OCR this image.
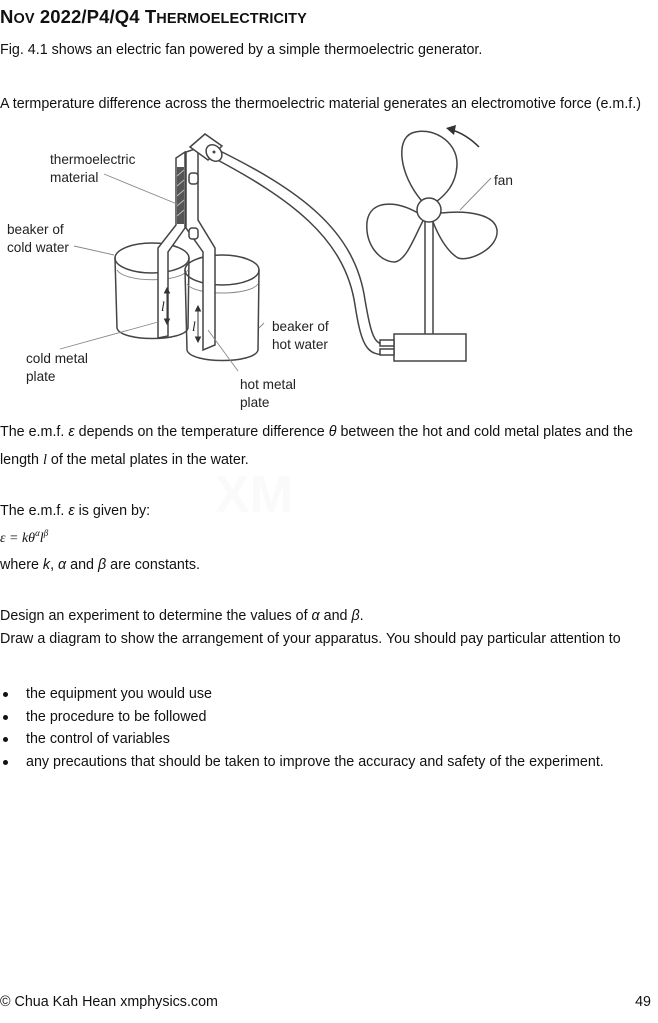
NOV 2022/P4/Q4 THERMOELECTRICITY
Fig. 4.1 shows an electric fan powered by a simple thermoelectric generator.
A termperature difference across the thermoelectric material generates an electromotive force (e.m.f.)
thermoelectric
material
beaker of
cold water
cold metal
plate
beaker of
hot water
hot metal
plate
fan
l
l
The e.m.f. ε depends on the temperature difference θ between the hot and cold metal plates and the
length l of the metal plates in the water.
XM
The e.m.f. ε is given by:
$\varepsilon = k\theta^\alpha l^\beta$
where k, α and β are constants.
Design an experiment to determine the values of α and β.
Draw a diagram to show the arrangement of your apparatus. You should pay particular attention to
the equipment you would use
the procedure to be followed
the control of variables
any precautions that should be taken to improve the accuracy and safety of the experiment.
© Chua Kah Hean xmphysics.com	49
